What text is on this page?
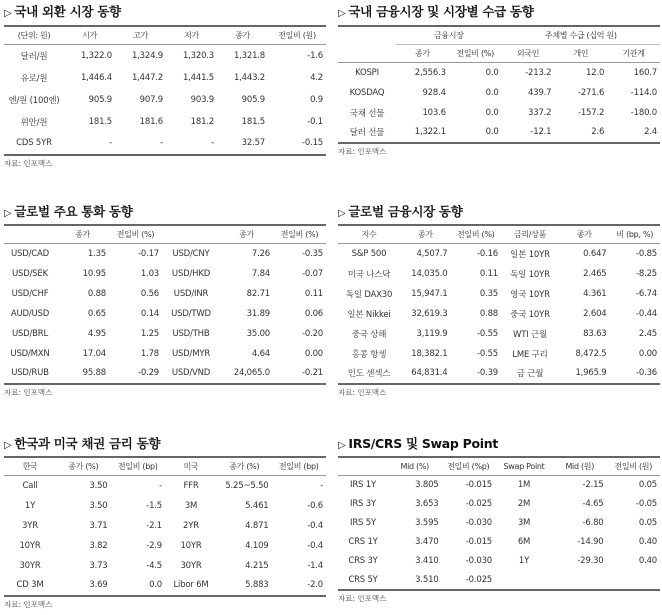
▷ 국내 외환 시장 동향
(단위: 원)	시가	고가	저가	종가	전일비 (원)
달러/원	1,322.0	1,324.9	1,320.3	1,321.8	-1.6
유로/원	1,446.4	1,447.2	1,441.5	1,443.2	4.2
엔/원 (100엔)	905.9	907.9	903.9	905.9	0.9
위안/원	181.5	181.6	181.2	181.5	-0.1
CDS 5YR	-	-	-	32.57	-0.15
자료: 인포맥스
▷ 국내 금융시장 및 시장별 수급 동향
	금융시장		주체별 수급 (십억 원)		
	종가	전일비 (%)	외국인	개인	기관계
KOSPI	2,556.3	0.0	-213.2	12.0	160.7
KOSDAQ	928.4	0.0	439.7	-271.6	-114.0
국채 선물	103.6	0.0	337.2	-157.2	-180.0
달러 선물	1,322.1	0.0	-12.1	2.6	2.4
자료: 인포맥스
▷ 글로벌 주요 통화 동향
	종가	전일비 (%)		종가	전일비 (%)
USD/CAD	1.35	-0.17	USD/CNY	7.26	-0.35
USD/SEK	10.95	1.03	USD/HKD	7.84	-0.07
USD/CHF	0.88	0.56	USD/INR	82.71	0.11
AUD/USD	0.65	0.14	USD/TWD	31.89	0.06
USD/BRL	4.95	1.25	USD/THB	35.00	-0.20
USD/MXN	17.04	1.78	USD/MYR	4.64	0.00
USD/RUB	95.88	-0.29	USD/VND	24,065.0	-0.21
자료: 인포맥스
▷ 글로벌 금융시장 동향
지수	종가	전일비 (%)	금리/상품	종가	비 (bp, %)
S&P 500	4,507.7	-0.16	일본 10YR	0.647	-0.85
미국 나스닥	14,035.0	0.11	독일 10YR	2.465	-8.25
독일 DAX30	15,947.1	0.35	영국 10YR	4.361	-6.74
일본 Nikkei	32,619.3	0.88	중국 10YR	2.604	-0.44
중국 상해	3,119.9	-0.55	WTI 근월	83.63	2.45
홍콩 항셍	18,382.1	-0.55	LME 구리	8,472.5	0.00
인도 센섹스	64,831.4	-0.39	금 근월	1,965.9	-0.36
자료: 인포맥스
▷ 한국과 미국 채권 금리 동향
한국	종가 (%)	전일비 (bp)	미국	종가 (%)	전일비 (bp)
Call	3.50	-	FFR	5.25~5.50	-
1Y	3.50	-1.5	3M	5.461	-0.6
3YR	3.71	-2.1	2YR	4.871	-0.4
10YR	3.82	-2.9	10YR	4.109	-0.4
30YR	3.73	-4.5	30YR	4.215	-1.4
CD 3M	3.69	0.0	Libor 6M	5.883	-2.0
자료: 인포맥스
▷ IRS/CRS 및 Swap Point
	Mid (%)	전일비 (%p)	Swap Point	Mid (원)	전일비 (원)
IRS 1Y	3.805	-0.015	1M	-2.15	0.05
IRS 3Y	3.653	-0.025	2M	-4.65	-0.05
IRS 5Y	3.595	-0.030	3M	-6.80	0.05
CRS 1Y	3.470	-0.015	6M	-14.90	0.40
CRS 3Y	3.410	-0.030	1Y	-29.30	0.40
CRS 5Y	3.510	-0.025			
자료: 인포맥스
